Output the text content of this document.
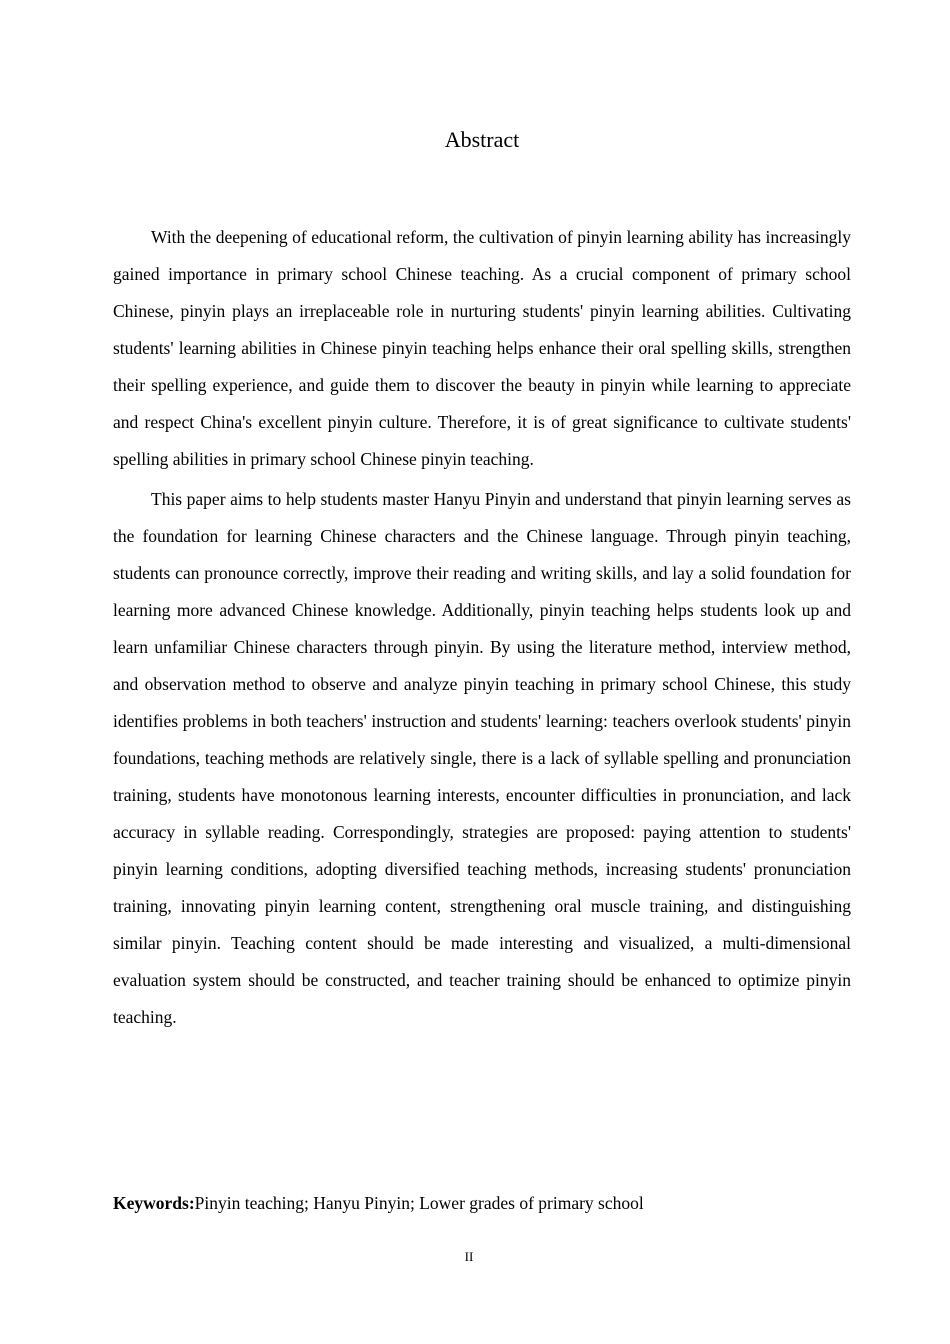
Abstract

With the deepening of educational reform, the cultivation of pinyin learning ability has increasingly gained importance in primary school Chinese teaching. As a crucial component of primary school Chinese, pinyin plays an irreplaceable role in nurturing students' pinyin learning abilities. Cultivating students' learning abilities in Chinese pinyin teaching helps enhance their oral spelling skills, strengthen their spelling experience, and guide them to discover the beauty in pinyin while learning to appreciate and respect China's excellent pinyin culture. Therefore, it is of great significance to cultivate students' spelling abilities in primary school Chinese pinyin teaching.

This paper aims to help students master Hanyu Pinyin and understand that pinyin learning serves as the foundation for learning Chinese characters and the Chinese language. Through pinyin teaching, students can pronounce correctly, improve their reading and writing skills, and lay a solid foundation for learning more advanced Chinese knowledge. Additionally, pinyin teaching helps students look up and learn unfamiliar Chinese characters through pinyin. By using the literature method, interview method, and observation method to observe and analyze pinyin teaching in primary school Chinese, this study identifies problems in both teachers' instruction and students' learning: teachers overlook students' pinyin foundations, teaching methods are relatively single, there is a lack of syllable spelling and pronunciation training, students have monotonous learning interests, encounter difficulties in pronunciation, and lack accuracy in syllable reading. Correspondingly, strategies are proposed: paying attention to students' pinyin learning conditions, adopting diversified teaching methods, increasing students' pronunciation training, innovating pinyin learning content, strengthening oral muscle training, and distinguishing similar pinyin. Teaching content should be made interesting and visualized, a multi-dimensional evaluation system should be constructed, and teacher training should be enhanced to optimize pinyin teaching.

Keywords:Pinyin teaching; Hanyu Pinyin; Lower grades of primary school

II
